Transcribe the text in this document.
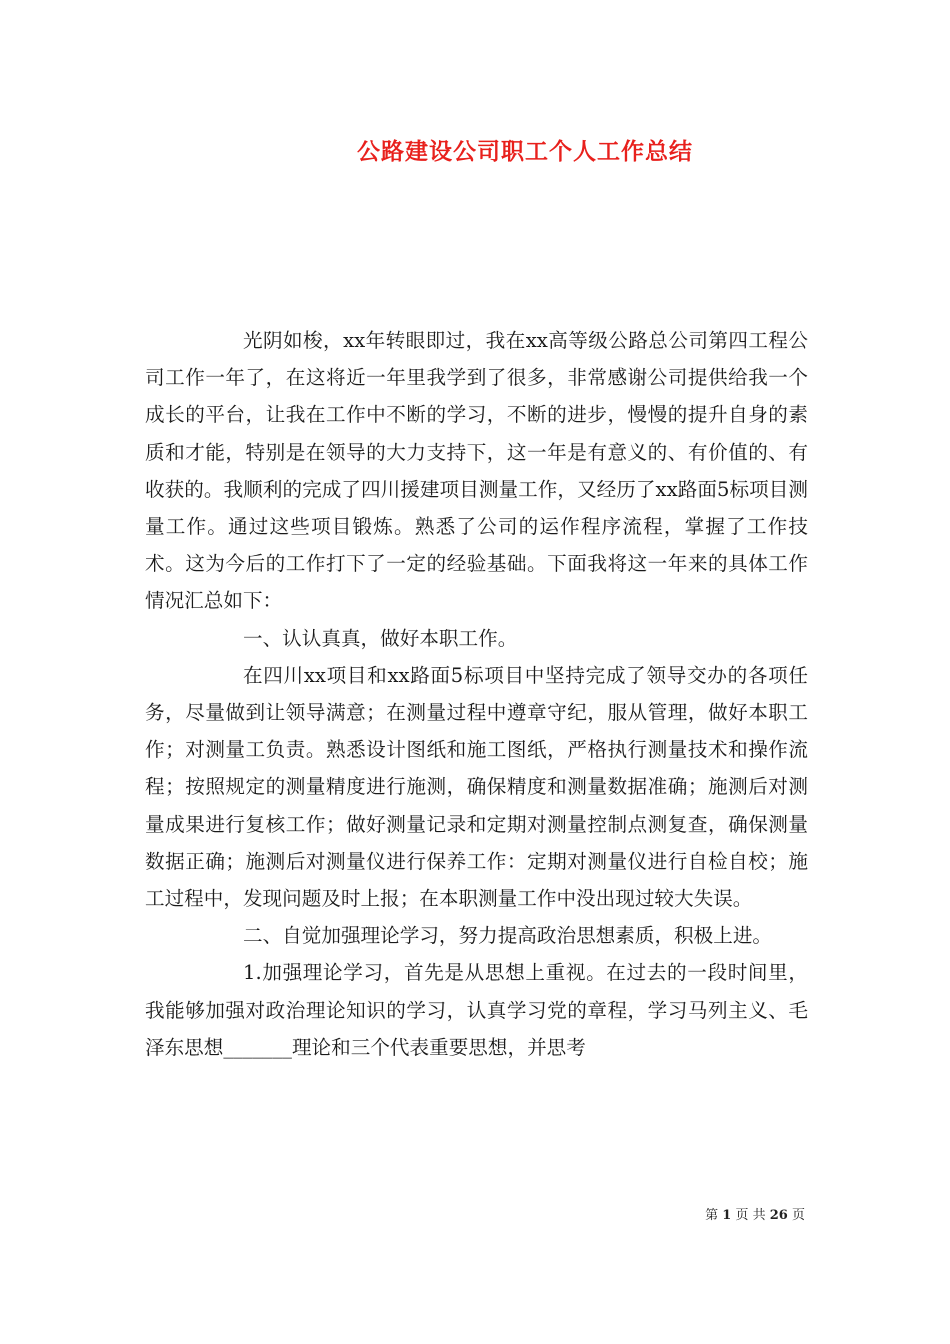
公路建设公司职工个人工作总结

光阴如梭，xx年转眼即过，我在xx高等级公路总公司第四工程公司工作一年了，在这将近一年里我学到了很多，非常感谢公司提供给我一个成长的平台，让我在工作中不断的学习，不断的进步，慢慢的提升自身的素质和才能，特别是在领导的大力支持下，这一年是有意义的、有价值的、有收获的。我顺利的完成了四川援建项目测量工作，又经历了xx路面5标项目测量工作。通过这些项目锻炼。熟悉了公司的运作程序流程，掌握了工作技术。这为今后的工作打下了一定的经验基础。下面我将这一年来的具体工作情况汇总如下：

一、认认真真，做好本职工作。

在四川xx项目和xx路面5标项目中坚持完成了领导交办的各项任务，尽量做到让领导满意；在测量过程中遵章守纪，服从管理，做好本职工作；对测量工负责。熟悉设计图纸和施工图纸，严格执行测量技术和操作流程；按照规定的测量精度进行施测，确保精度和测量数据准确；施测后对测量成果进行复核工作；做好测量记录和定期对测量控制点测复查，确保测量数据正确；施测后对测量仪进行保养工作：定期对测量仪进行自检自校；施工过程中，发现问题及时上报；在本职测量工作中没出现过较大失误。

二、自觉加强理论学习，努力提高政治思想素质，积极上进。

1.加强理论学习，首先是从思想上重视。在过去的一段时间里，我能够加强对政治理论知识的学习，认真学习党的章程，学习马列主义、毛泽东思想_______理论和三个代表重要思想，并思考

第 1 页 共 26 页
